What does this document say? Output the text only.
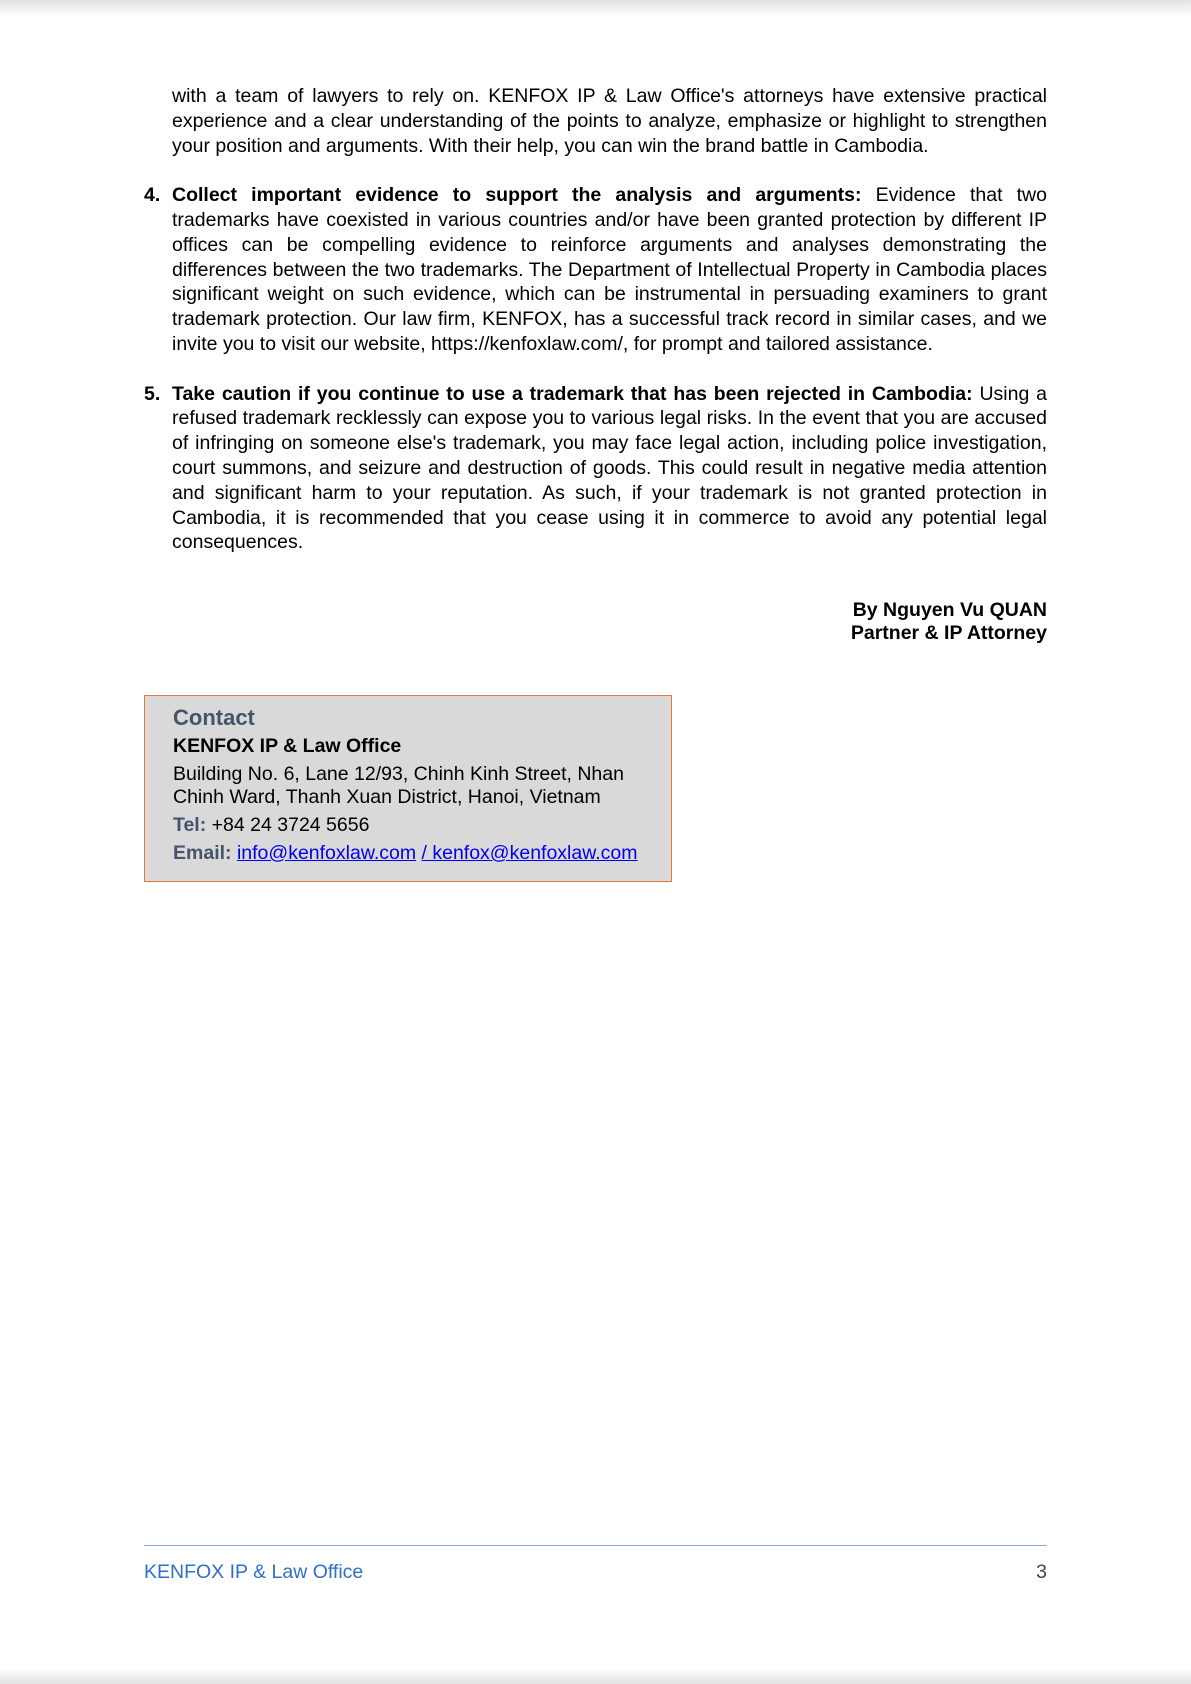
with a team of lawyers to rely on. KENFOX IP & Law Office's attorneys have extensive practical experience and a clear understanding of the points to analyze, emphasize or highlight to strengthen your position and arguments. With their help, you can win the brand battle in Cambodia.

4. Collect important evidence to support the analysis and arguments: Evidence that two trademarks have coexisted in various countries and/or have been granted protection by different IP offices can be compelling evidence to reinforce arguments and analyses demonstrating the differences between the two trademarks. The Department of Intellectual Property in Cambodia places significant weight on such evidence, which can be instrumental in persuading examiners to grant trademark protection. Our law firm, KENFOX, has a successful track record in similar cases, and we invite you to visit our website, https://kenfoxlaw.com/, for prompt and tailored assistance.
5. Take caution if you continue to use a trademark that has been rejected in Cambodia: Using a refused trademark recklessly can expose you to various legal risks. In the event that you are accused of infringing on someone else's trademark, you may face legal action, including police investigation, court summons, and seizure and destruction of goods. This could result in negative media attention and significant harm to your reputation. As such, if your trademark is not granted protection in Cambodia, it is recommended that you cease using it in commerce to avoid any potential legal consequences.
By Nguyen Vu QUAN
Partner & IP Attorney
Contact
KENFOX IP & Law Office
Building No. 6, Lane 12/93, Chinh Kinh Street, Nhan Chinh Ward, Thanh Xuan District, Hanoi, Vietnam
Tel: +84 24 3724 5656
Email: info@kenfoxlaw.com / kenfox@kenfoxlaw.com
KENFOX IP & Law Office	3
